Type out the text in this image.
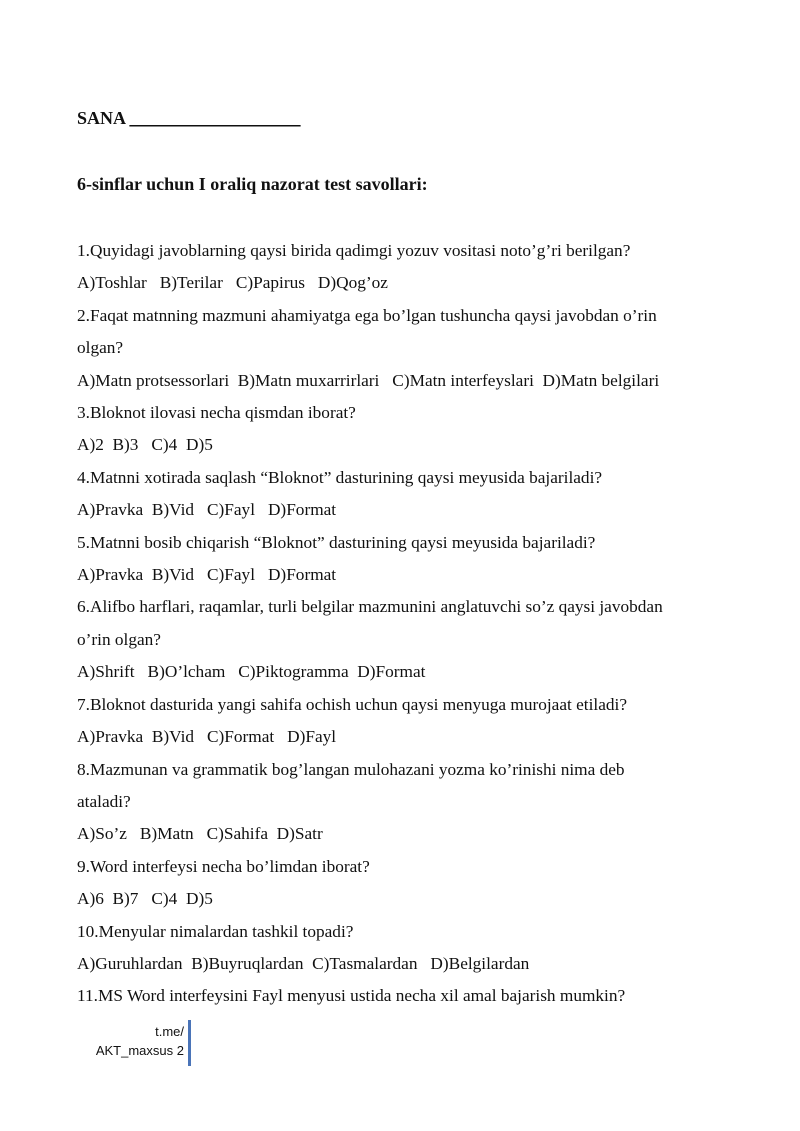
SANA ___________________
6-sinflar uchun I oraliq nazorat test savollari:
1.Quyidagi javoblarning qaysi birida qadimgi yozuv vositasi noto’g’ri berilgan?
A)Toshlar   B)Terilar   C)Papirus   D)Qog’oz
2.Faqat matnning mazmuni ahamiyatga ega bo’lgan tushuncha qaysi javobdan o’rin
olgan?
A)Matn protsessorlari  B)Matn muxarrirlari   C)Matn interfeyslari  D)Matn belgilari
3.Bloknot ilovasi necha qismdan iborat?
A)2  B)3   C)4  D)5
4.Matnni xotirada saqlash “Bloknot” dasturining qaysi meyusida bajariladi?
A)Pravka  B)Vid   C)Fayl   D)Format
5.Matnni bosib chiqarish “Bloknot” dasturining qaysi meyusida bajariladi?
A)Pravka  B)Vid   C)Fayl   D)Format
6.Alifbo harflari, raqamlar, turli belgilar mazmunini anglatuvchi so’z qaysi javobdan
o’rin olgan?
A)Shrift   B)O’lcham   C)Piktogramma  D)Format
7.Bloknot dasturida yangi sahifa ochish uchun qaysi menyuga murojaat etiladi?
A)Pravka  B)Vid   C)Format   D)Fayl
8.Mazmunan va grammatik bog’langan mulohazani yozma ko’rinishi nima deb
ataladi?
A)So’z   B)Matn   C)Sahifa  D)Satr
9.Word interfeysi necha bo’limdan iborat?
A)6  B)7   C)4  D)5
10.Menyular nimalardan tashkil topadi?
A)Guruhlardan  B)Buyruqlardan  C)Tasmalardan   D)Belgilardan
11.MS Word interfeysini Fayl menyusi ustida necha xil amal bajarish mumkin?
t.me/
AKT_maxsus 2
